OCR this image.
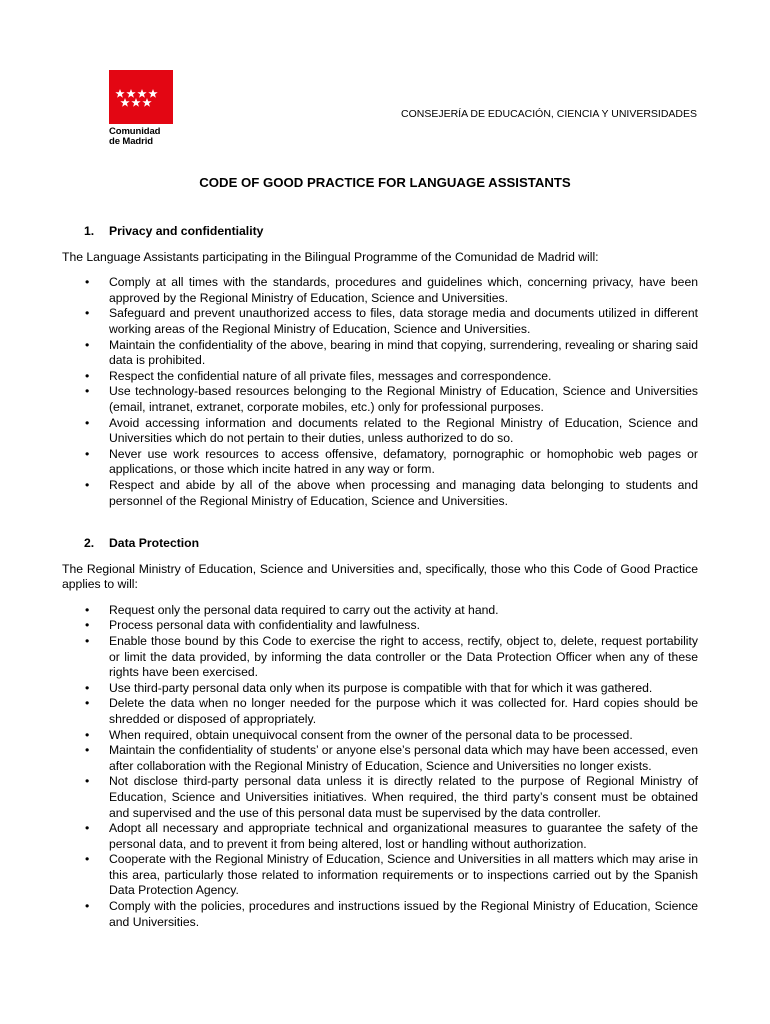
Comunidad
de Madrid
CONSEJERÍA DE EDUCACIÓN, CIENCIA Y UNIVERSIDADES
CODE OF GOOD PRACTICE FOR LANGUAGE ASSISTANTS
1. Privacy and confidentiality

The Language Assistants participating in the Bilingual Programme of the Comunidad de Madrid will:

• Comply at all times with the standards, procedures and guidelines which, concerning privacy, have been approved by the Regional Ministry of Education, Science and Universities.
• Safeguard and prevent unauthorized access to files, data storage media and documents utilized in different working areas of the Regional Ministry of Education, Science and Universities.
• Maintain the confidentiality of the above, bearing in mind that copying, surrendering, revealing or sharing said data is prohibited.
• Respect the confidential nature of all private files, messages and correspondence.
• Use technology-based resources belonging to the Regional Ministry of Education, Science and Universities (email, intranet, extranet, corporate mobiles, etc.) only for professional purposes.
• Avoid accessing information and documents related to the Regional Ministry of Education, Science and Universities which do not pertain to their duties, unless authorized to do so.
• Never use work resources to access offensive, defamatory, pornographic or homophobic web pages or applications, or those which incite hatred in any way or form.
• Respect and abide by all of the above when processing and managing data belonging to students and personnel of the Regional Ministry of Education, Science and Universities.
2. Data Protection

The Regional Ministry of Education, Science and Universities and, specifically, those who this Code of Good Practice applies to will:

• Request only the personal data required to carry out the activity at hand.
• Process personal data with confidentiality and lawfulness.
• Enable those bound by this Code to exercise the right to access, rectify, object to, delete, request portability or limit the data provided, by informing the data controller or the Data Protection Officer when any of these rights have been exercised.
• Use third-party personal data only when its purpose is compatible with that for which it was gathered.
• Delete the data when no longer needed for the purpose which it was collected for. Hard copies should be shredded or disposed of appropriately.
• When required, obtain unequivocal consent from the owner of the personal data to be processed.
• Maintain the confidentiality of students’ or anyone else’s personal data which may have been accessed, even after collaboration with the Regional Ministry of Education, Science and Universities no longer exists.
• Not disclose third-party personal data unless it is directly related to the purpose of Regional Ministry of Education, Science and Universities initiatives. When required, the third party’s consent must be obtained and supervised and the use of this personal data must be supervised by the data controller.
• Adopt all necessary and appropriate technical and organizational measures to guarantee the safety of the personal data, and to prevent it from being altered, lost or handling without authorization.
• Cooperate with the Regional Ministry of Education, Science and Universities in all matters which may arise in this area, particularly those related to information requirements or to inspections carried out by the Spanish Data Protection Agency.
• Comply with the policies, procedures and instructions issued by the Regional Ministry of Education, Science and Universities.
